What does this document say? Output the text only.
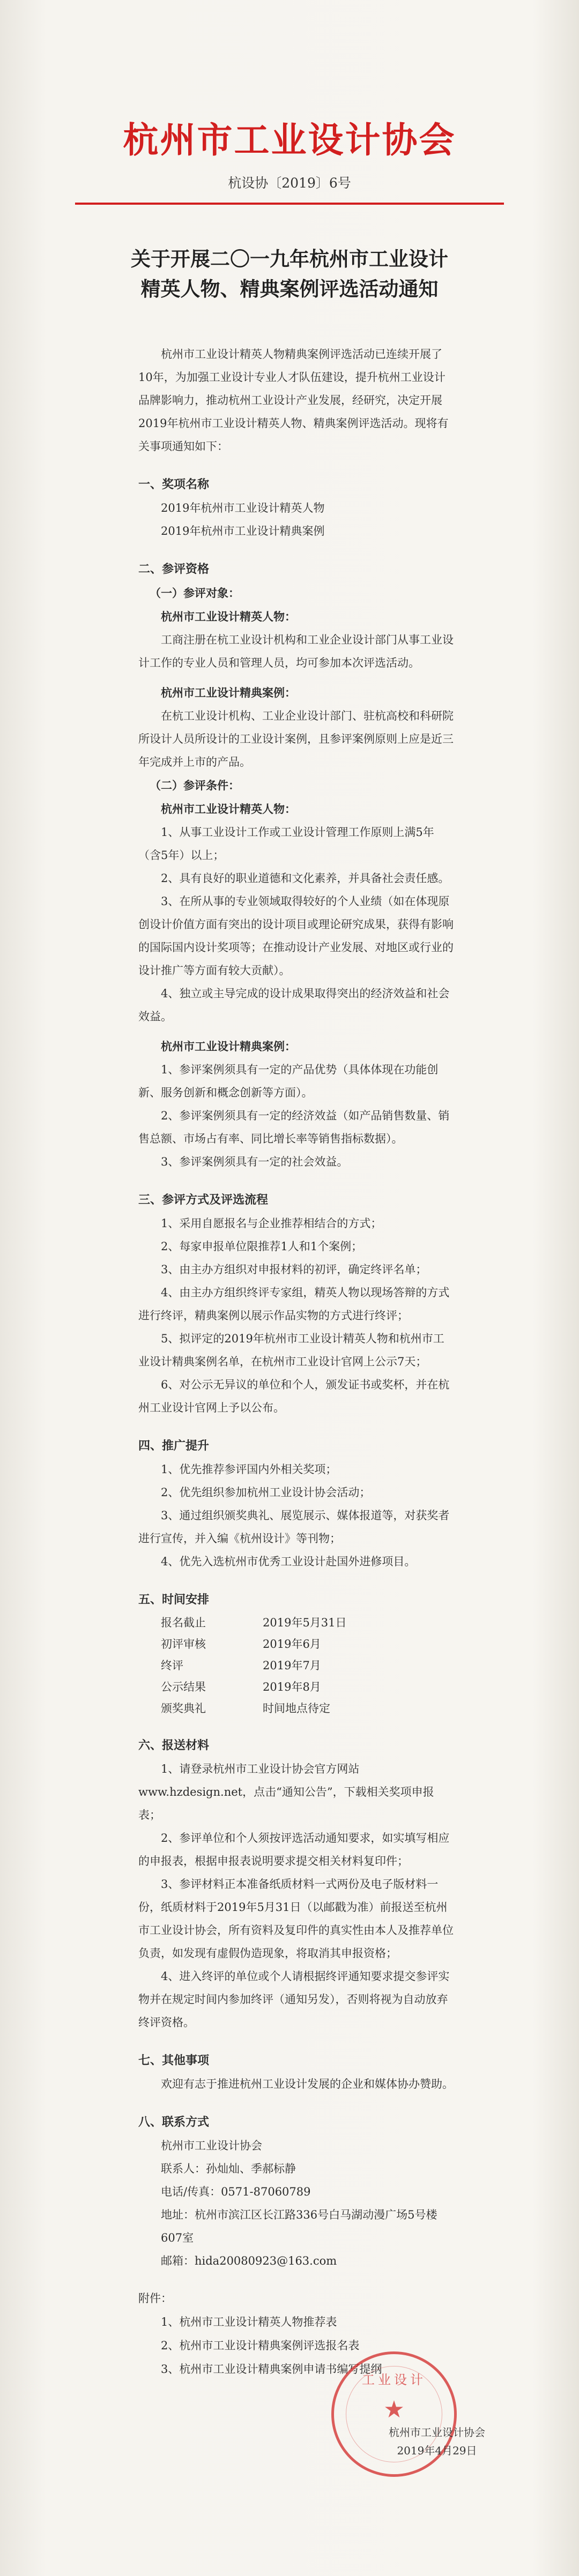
杭州市工业设计协会
杭设协〔2019〕6号
关于开展二〇一九年杭州市工业设计
精英人物、精典案例评选活动通知
杭州市工业设计精英人物精典案例评选活动已连续开展了10年，为加强工业设计专业人才队伍建设，提升杭州工业设计品牌影响力，推动杭州工业设计产业发展，经研究，决定开展2019年杭州市工业设计精英人物、精典案例评选活动。现将有关事项通知如下：
一、奖项名称
2019年杭州市工业设计精英人物
2019年杭州市工业设计精典案例
二、参评资格
（一）参评对象：
杭州市工业设计精英人物：
工商注册在杭工业设计机构和工业企业设计部门从事工业设计工作的专业人员和管理人员，均可参加本次评选活动。
杭州市工业设计精典案例：
在杭工业设计机构、工业企业设计部门、驻杭高校和科研院所设计人员所设计的工业设计案例，且参评案例原则上应是近三年完成并上市的产品。
（二）参评条件：
杭州市工业设计精英人物：
1、从事工业设计工作或工业设计管理工作原则上满5年（含5年）以上；
2、具有良好的职业道德和文化素养，并具备社会责任感。
3、在所从事的专业领域取得较好的个人业绩（如在体现原创设计价值方面有突出的设计项目或理论研究成果，获得有影响的国际国内设计奖项等；在推动设计产业发展、对地区或行业的设计推广等方面有较大贡献）。
4、独立或主导完成的设计成果取得突出的经济效益和社会效益。
杭州市工业设计精典案例：
1、参评案例须具有一定的产品优势（具体体现在功能创新、服务创新和概念创新等方面）。
2、参评案例须具有一定的经济效益（如产品销售数量、销售总额、市场占有率、同比增长率等销售指标数据）。
3、参评案例须具有一定的社会效益。
三、参评方式及评选流程
1、采用自愿报名与企业推荐相结合的方式；
2、每家申报单位限推荐1人和1个案例；
3、由主办方组织对申报材料的初评，确定终评名单；
4、由主办方组织终评专家组，精英人物以现场答辩的方式进行终评，精典案例以展示作品实物的方式进行终评；
5、拟评定的2019年杭州市工业设计精英人物和杭州市工业设计精典案例名单，在杭州市工业设计官网上公示7天；
6、对公示无异议的单位和个人，颁发证书或奖杯，并在杭州工业设计官网上予以公布。
四、推广提升
1、优先推荐参评国内外相关奖项；
2、优先组织参加杭州工业设计协会活动；
3、通过组织颁奖典礼、展览展示、媒体报道等，对获奖者进行宣传，并入编《杭州设计》等刊物；
4、优先入选杭州市优秀工业设计赴国外进修项目。
五、时间安排
报名截止	2019年5月31日
初评审核	2019年6月
终评	2019年7月
公示结果	2019年8月
颁奖典礼	时间地点待定
六、报送材料
1、请登录杭州市工业设计协会官方网站www.hzdesign.net，点击“通知公告”，下载相关奖项申报表；
2、参评单位和个人须按评选活动通知要求，如实填写相应的申报表，根据申报表说明要求提交相关材料复印件；
3、参评材料正本准备纸质材料一式两份及电子版材料一份，纸质材料于2019年5月31日（以邮戳为准）前报送至杭州市工业设计协会，所有资料及复印件的真实性由本人及推荐单位负责，如发现有虚假伪造现象，将取消其申报资格；
4、进入终评的单位或个人请根据终评通知要求提交参评实物并在规定时间内参加终评（通知另发），否则将视为自动放弃终评资格。
七、其他事项
欢迎有志于推进杭州工业设计发展的企业和媒体协办赞助。
八、联系方式
杭州市工业设计协会
联系人：孙灿灿、季郝标静
电话/传真：0571-87060789
地址：杭州市滨江区长江路336号白马湖动漫广场5号楼607室
邮箱：hida20080923@163.com
附件：
1、杭州市工业设计精英人物推荐表
2、杭州市工业设计精典案例评选报名表
3、杭州市工业设计精典案例申请书编写提纲
工业设计
★
杭州市工业设计协会
2019年4月29日
